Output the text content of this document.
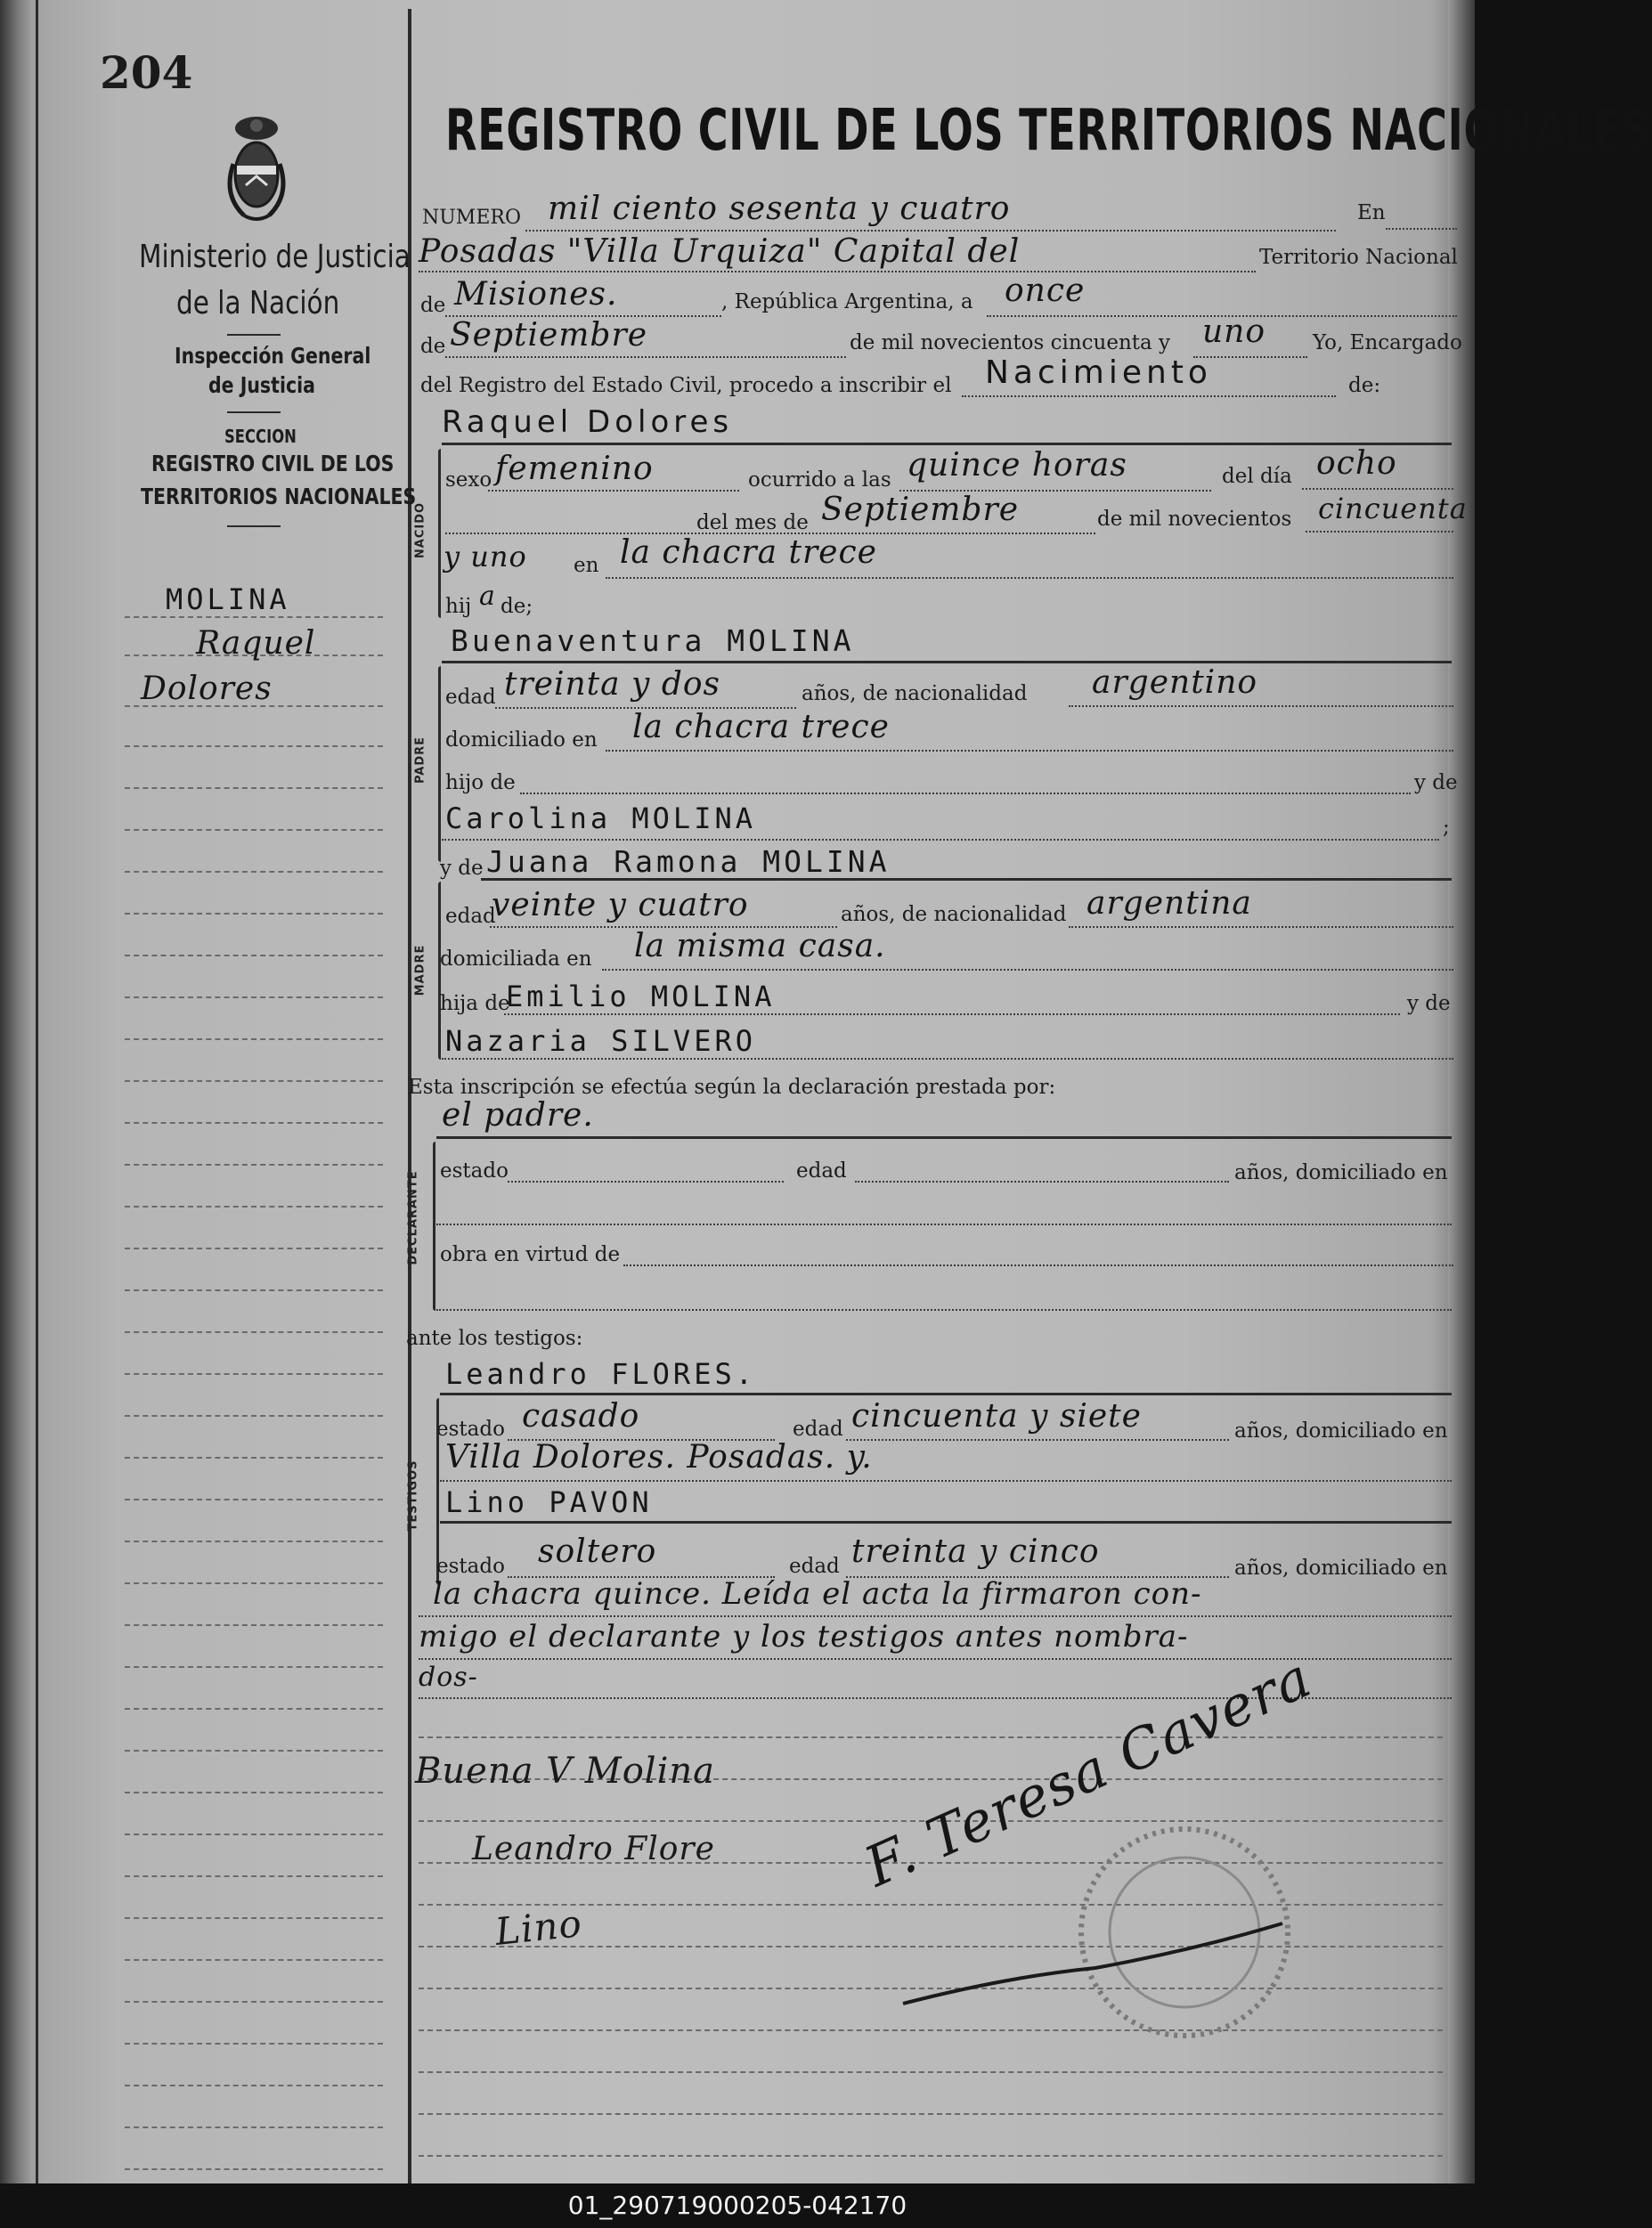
204
Ministerio de Justicia
de la Nación
Inspección General
de Justicia
SECCION
REGISTRO CIVIL DE LOS
TERRITORIOS NACIONALES
MOLINA
Raquel
Dolores
REGISTRO CIVIL DE LOS TERRITORIOS NACIONALES
NUMERO mil ciento sesenta y cuatro	En
Posadas "Villa Urquiza" Capital del	Territorio Nacional
de Misiones.	, República Argentina, a once
de Septiembre	de mil novecientos cincuenta y uno Yo, Encargado
del Registro del Estado Civil, procedo a inscribir el Nacimiento	de:
Raquel Dolores
NACIDO
sexo femenino	ocurrido a las quince horas	del día ocho
del mes de Septiembre	de mil novecientos cincuenta
y uno en la chacra trece
hij a de;
Buenaventura MOLINA
PADRE
edad treinta y dos	años, de nacionalidad argentino
domiciliado en la chacra trece
hijo de	y de
Carolina MOLINA	;
y de Juana Ramona MOLINA
MADRE
edad
veinte y cuatro	años, de nacionalidad argentina
domiciliada en la misma casa.
hija de
Emilio MOLINA	y de
Nazaria SILVERO
Esta inscripción se efectúa según la declaración prestada por:
el padre.
DECLARANTE estado	edad	años, domiciliado en
obra en virtud de
ante los testigos:
Leandro FLORES.
TESTIGOS
estado casado	edad cincuenta y siete	años, domiciliado en
Villa Dolores. Posadas. y.
Lino PAVON
estado soltero	edad treinta y cinco	años, domiciliado en
la chacra quince. Leída el acta la firmaron con-
migo el declarante y los testigos antes nombra-
dos-
Buena V Molina
Leandro Flore
Lino
F. Teresa Cavera
01_290719000205-042170
